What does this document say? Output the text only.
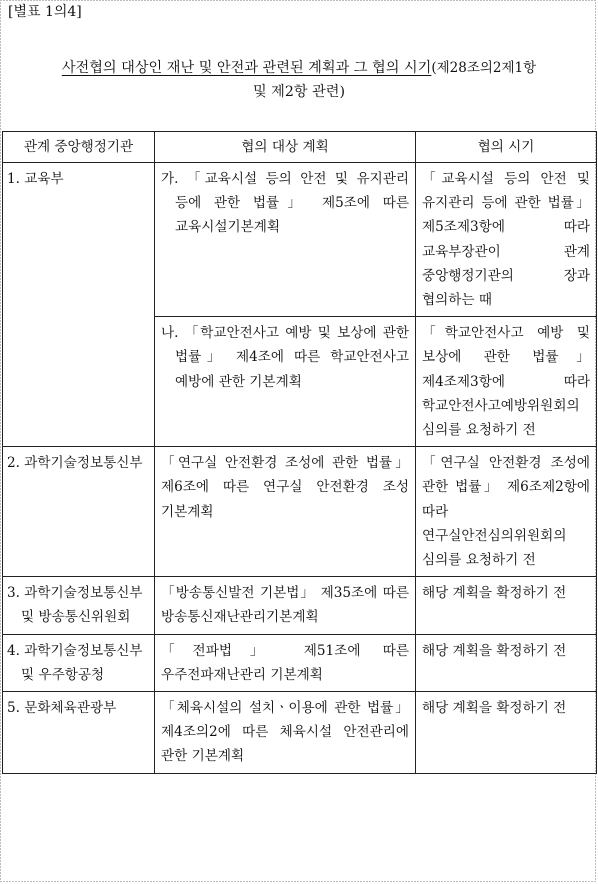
[별표 1의4]
사전협의 대상인 재난 및 안전과 관련된 계획과 그 협의 시기(제28조의2제1항
및 제2항 관련)
관계 중앙행정기관	협의 대상 계획	협의 시기
1. 교육부	가. 「교육시설 등의 안전 및 유지관리 등에 관한 법률」 제5조에 따른 교육시설기본계획	「교육시설 등의 안전 및 유지관리 등에 관한 법률」 제5조제3항에 따라 교육부장관이 관계 중앙행정기관의 장과 협의하는 때
	나. 「학교안전사고 예방 및 보상에 관한 법률」 제4조에 따른 학교안전사고 예방에 관한 기본계획	「학교안전사고 예방 및 보상에 관한 법률」 제4조제3항에 따라 학교안전사고예방위원회의 심의를 요청하기 전
2. 과학기술정보통신부	「연구실 안전환경 조성에 관한 법률」 제6조에 따른 연구실 안전환경 조성 기본계획	「연구실 안전환경 조성에 관한 법률」 제6조제2항에 따라 연구실안전심의위원회의 심의를 요청하기 전
3. 과학기술정보통신부 및 방송통신위원회	「방송통신발전 기본법」 제35조에 따른 방송통신재난관리기본계획	해당 계획을 확정하기 전
4. 과학기술정보통신부 및 우주항공청	「전파법」 제51조에 따른 우주전파재난관리 기본계획	해당 계획을 확정하기 전
5. 문화체육관광부	「체육시설의 설치ㆍ이용에 관한 법률」 제4조의2에 따른 체육시설 안전관리에 관한 기본계획	해당 계획을 확정하기 전
